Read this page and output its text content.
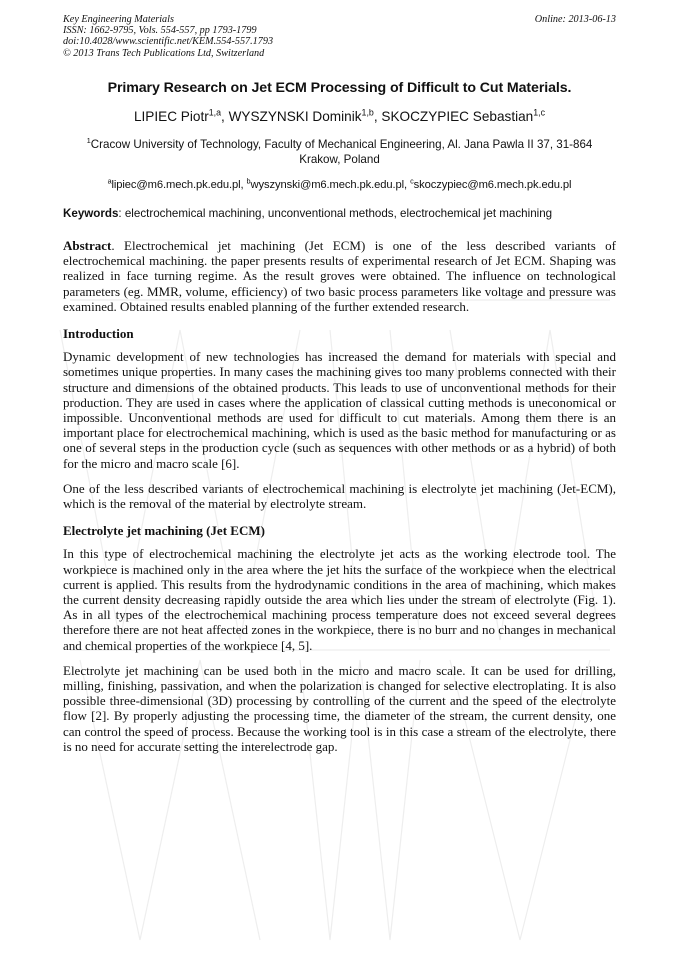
Key Engineering Materials
ISSN: 1662-9795, Vols. 554-557, pp 1793-1799
doi:10.4028/www.scientific.net/KEM.554-557.1793
© 2013 Trans Tech Publications Ltd, Switzerland
Online: 2013-06-13
Primary Research on Jet ECM Processing of Difficult to Cut Materials.
LIPIEC Piotr$^{1,a}$, WYSZYNSKI Dominik$^{1,b}$, SKOCZYPIEC Sebastian$^{1,c}$
$^1$Cracow University of Technology, Faculty of Mechanical Engineering, Al. Jana Pawla II 37, 31-864 Krakow, Poland
$^a$lipiec@m6.mech.pk.edu.pl, $^b$wyszynski@m6.mech.pk.edu.pl, $^c$skoczypiec@m6.mech.pk.edu.pl
Keywords: electrochemical machining, unconventional methods, electrochemical jet machining

Abstract. Electrochemical jet machining (Jet ECM) is one of the less described variants of electrochemical machining. the paper presents results of experimental research of Jet ECM. Shaping was realized in face turning regime. As the result groves were obtained. The influence on technological parameters (eg. MMR, volume, efficiency) of two basic process parameters like voltage and pressure was examined. Obtained results enabled planning of the further extended research.

Introduction

Dynamic development of new technologies has increased the demand for materials with special and sometimes unique properties. In many cases the machining gives too many problems connected with their structure and dimensions of the obtained products. This leads to use of unconventional methods for their production. They are used in cases where the application of classical cutting methods is uneconomical or impossible. Unconventional methods are used for difficult to cut materials. Among them there is an important place for electrochemical machining, which is used as the basic method for manufacturing or as one of several steps in the production cycle (such as sequences with other methods or as a hybrid) of both for the micro and macro scale [6].

One of the less described variants of electrochemical machining is electrolyte jet machining (Jet-ECM), which is the removal of the material by electrolyte stream.

Electrolyte jet machining (Jet ECM)

In this type of electrochemical machining the electrolyte jet acts as the working electrode tool. The workpiece is machined only in the area where the jet hits the surface of the workpiece when the electrical current is applied. This results from the hydrodynamic conditions in the area of machining, which makes the current density decreasing rapidly outside the area which lies under the stream of electrolyte (Fig. 1). As in all types of the electrochemical machining process temperature does not exceed several degrees therefore there are not heat affected zones in the workpiece, there is no burr and no changes in mechanical and chemical properties of the workpiece [4, 5].

Electrolyte jet machining can be used both in the micro and macro scale. It can be used for drilling, milling, finishing, passivation, and when the polarization is changed for selective electroplating. It is also possible three-dimensional (3D) processing by controlling of the current and the speed of the electrolyte flow [2]. By properly adjusting the processing time, the diameter of the stream, the current density, one can control the speed of process. Because the working tool is in this case a stream of the electrolyte, there is no need for accurate setting the interelectrode gap.
